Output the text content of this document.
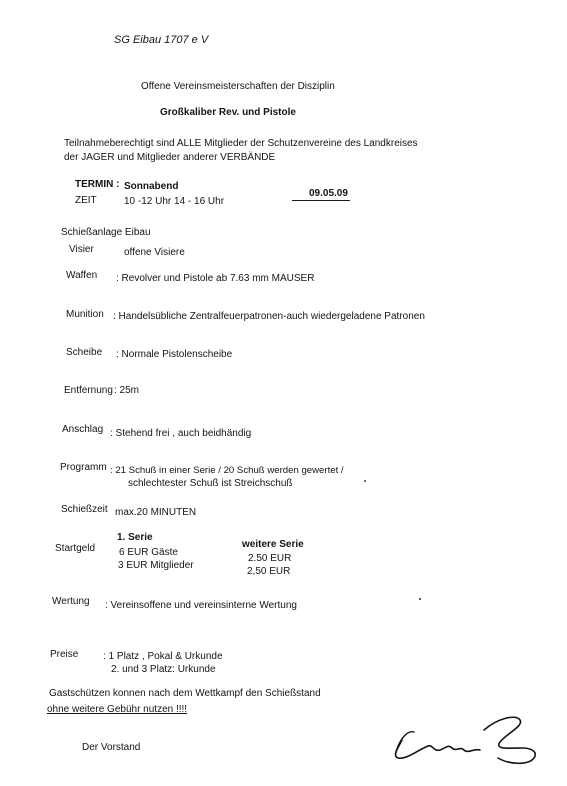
SG Eibau 1707 e V
Offene Vereinsmeisterschaften der Disziplin
Großkaliber Rev. und Pistole
Teilnahmeberechtigt sind ALLE Mitglieder der Schutzenvereine des Landkreises
der JAGER und Mitglieder anderer VERBÄNDE
TERMIN : Sonnabend
09.05.09
ZEIT	10 -12 Uhr 14 - 16 Uhr
Schießanlage Eibau
Visier	offene Visiere
Waffen : Revolver und Pistole ab 7.63 mm MAUSER
Munition : Handelsübliche Zentralfeuerpatronen-auch wiedergeladene Patronen
Scheibe : Normale Pistolenscheibe
Entfernung : 25m
Anschlag : Stehend frei , auch beidhändig
Programm : 21 Schuß in einer Serie / 20 Schuß werden gewertet /
schlechtester Schuß ist Streichschuß
Schießzeit max.20 MINUTEN
1. Serie
weitere Serie
Startgeld 6 EUR Gäste
2.50 EUR
3 EUR Mitglieder
2,50 EUR
Wertung : Vereinsoffene und vereinsinterne Wertung
Preise : 1 Platz , Pokal & Urkunde
2. und 3 Platz: Urkunde
Gastschützen konnen nach dem Wettkampf den Schießstand
ohne weitere Gebühr nutzen !!!!
Der Vorstand
